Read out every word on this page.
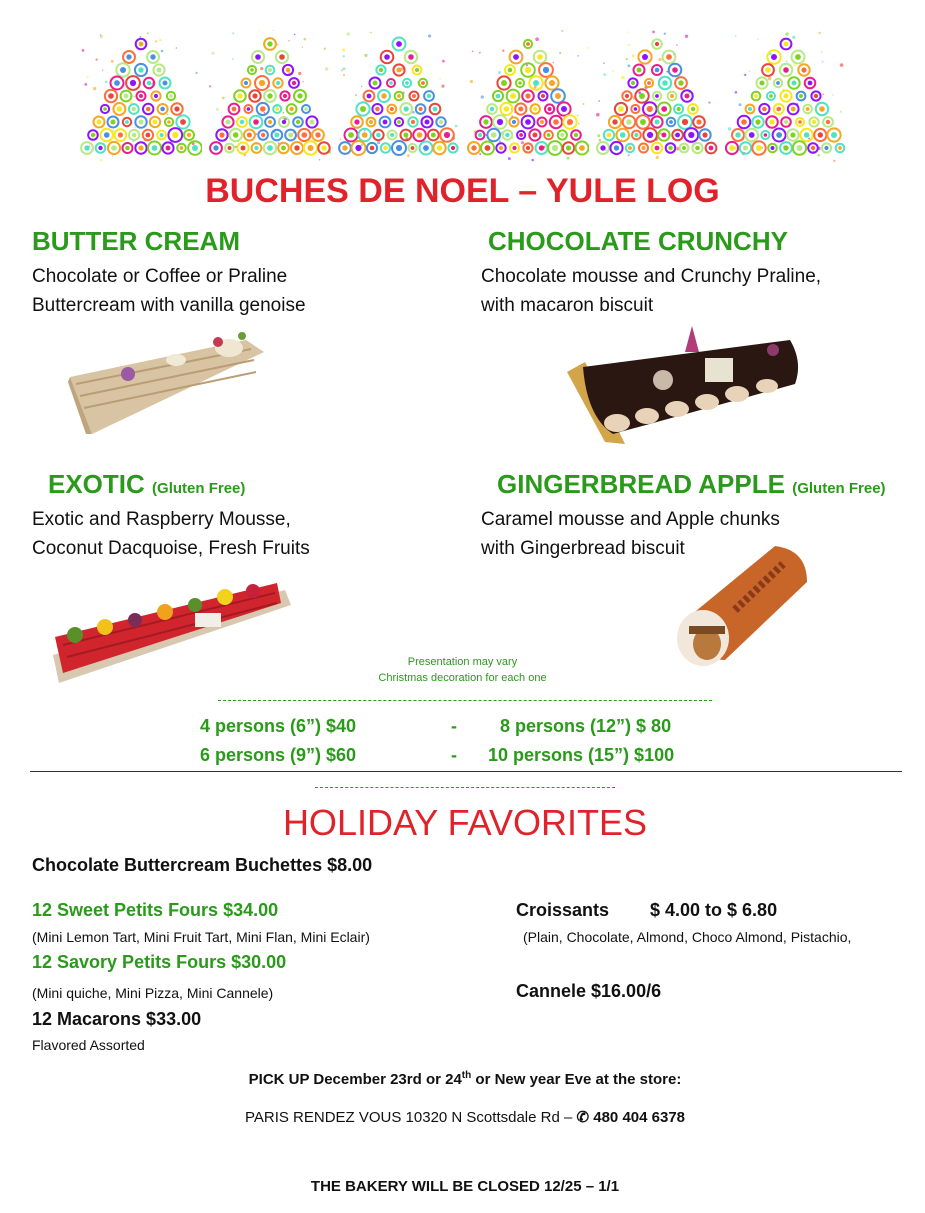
BUCHES DE NOEL – YULE LOG
BUTTER CREAM
Chocolate or Coffee or Praline
Buttercream with vanilla genoise
CHOCOLATE CRUNCHY
Chocolate mousse and Crunchy Praline,
with macaron biscuit
EXOTIC (Gluten Free)
Exotic and Raspberry Mousse,
Coconut Dacquoise, Fresh Fruits
GINGERBREAD APPLE (Gluten Free)
Caramel mousse and Apple chunks
with Gingerbread biscuit
Presentation may vary
Christmas decoration for each one
4 persons (6”) $40	- 8 persons (12”) $ 80
6 persons (9”) $60	- 10 persons (15”) $100
HOLIDAY FAVORITES
Chocolate Buttercream Buchettes $8.00
12 Sweet Petits Fours $34.00
(Mini Lemon Tart, Mini Fruit Tart, Mini Flan, Mini Eclair)
12 Savory Petits Fours $30.00
(Mini quiche, Mini Pizza, Mini Cannele)
12 Macarons $33.00
Flavored Assorted
Croissants $ 4.00 to $ 6.80
(Plain, Chocolate, Almond, Choco Almond, Pistachio,
Cannele $16.00/6
PICK UP December 23rd or 24th or New year Eve at the store:
PARIS RENDEZ VOUS 10320 N Scottsdale Rd – ✆ 480 404 6378
THE BAKERY WILL BE CLOSED 12/25 – 1/1
